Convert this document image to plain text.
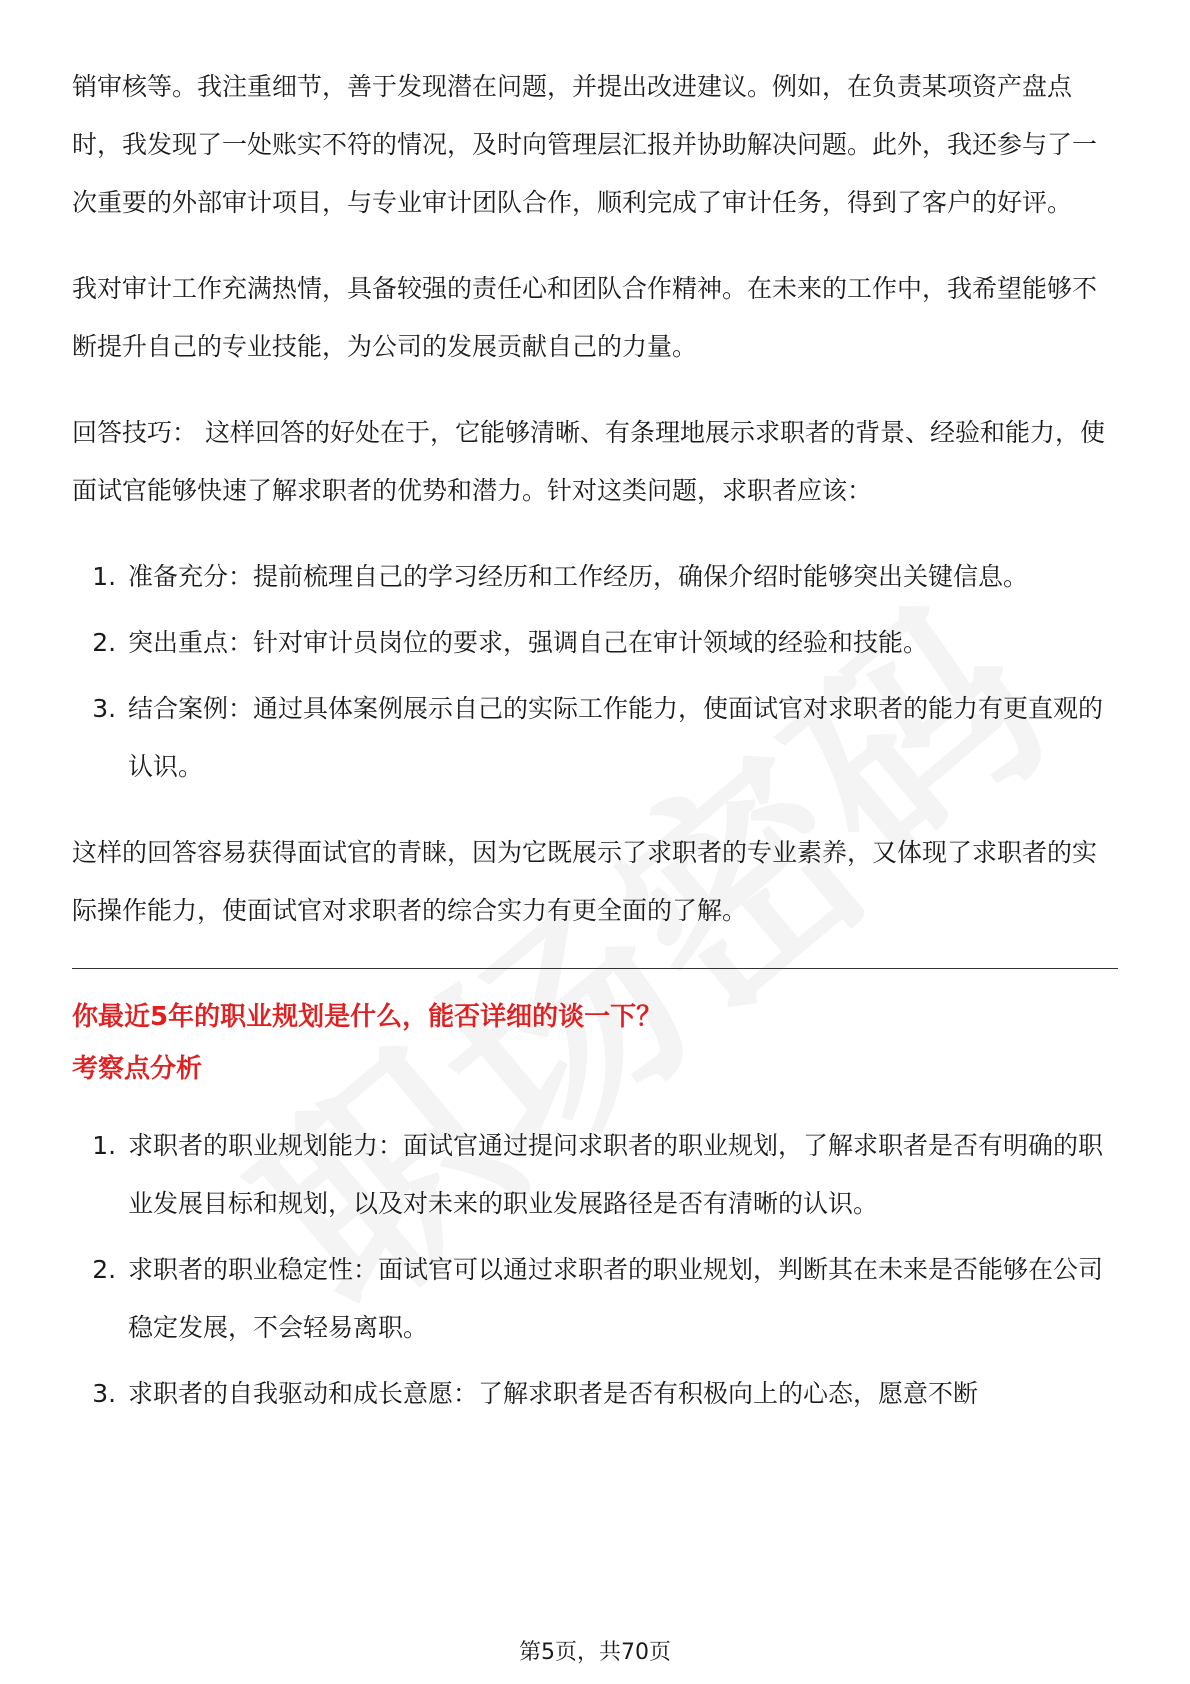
销审核等。我注重细节，善于发现潜在问题，并提出改进建议。例如，在负责某项资产盘点时，我发现了一处账实不符的情况，及时向管理层汇报并协助解决问题。此外，我还参与了一次重要的外部审计项目，与专业审计团队合作，顺利完成了审计任务，得到了客户的好评。

我对审计工作充满热情，具备较强的责任心和团队合作精神。在未来的工作中，我希望能够不断提升自己的专业技能，为公司的发展贡献自己的力量。

回答技巧： 这样回答的好处在于，它能够清晰、有条理地展示求职者的背景、经验和能力，使面试官能够快速了解求职者的优势和潜力。针对这类问题，求职者应该：

1. 准备充分：提前梳理自己的学习经历和工作经历，确保介绍时能够突出关键信息。
2. 突出重点：针对审计员岗位的要求，强调自己在审计领域的经验和技能。
3. 结合案例：通过具体案例展示自己的实际工作能力，使面试官对求职者的能力有更直观的认识。

这样的回答容易获得面试官的青睐，因为它既展示了求职者的专业素养，又体现了求职者的实际操作能力，使面试官对求职者的综合实力有更全面的了解。

你最近5年的职业规划是什么，能否详细的谈一下？
考察点分析
1. 求职者的职业规划能力：面试官通过提问求职者的职业规划，了解求职者是否有明确的职业发展目标和规划，以及对未来的职业发展路径是否有清晰的认识。
2. 求职者的职业稳定性：面试官可以通过求职者的职业规划，判断其在未来是否能够在公司稳定发展，不会轻易离职。
3. 求职者的自我驱动和成长意愿：了解求职者是否有积极向上的心态，愿意不断
第5页，共70页
